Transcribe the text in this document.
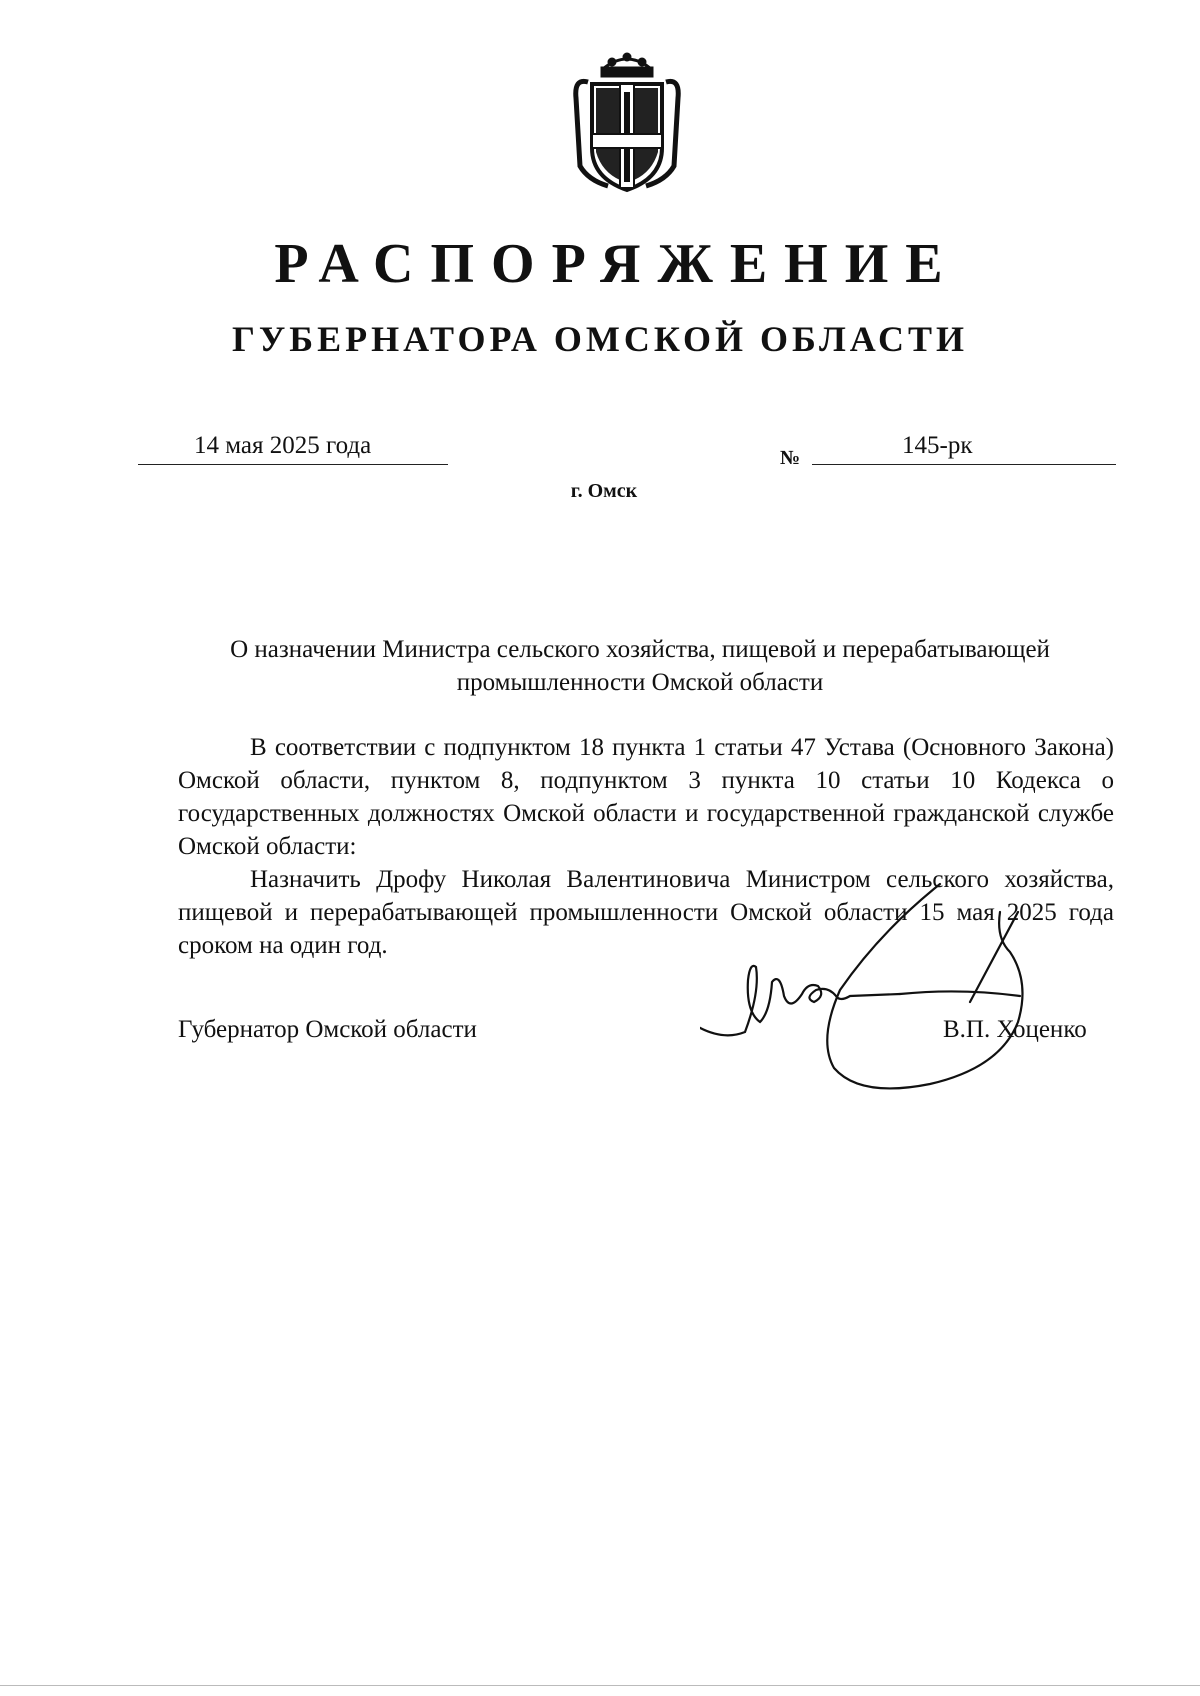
РАСПОРЯЖЕНИЕ
ГУБЕРНАТОРА ОМСКОЙ ОБЛАСТИ
14 мая 2025 года	№	145-рк
г. Омск
О назначении Министра сельского хозяйства, пищевой и перерабатывающей
промышленности Омской области

В соответствии с подпунктом 18 пункта 1 статьи 47 Устава (Основного Закона) Омской области, пунктом 8, подпунктом 3 пункта 10 статьи 10 Кодекса о государственных должностях Омской области и государственной гражданской службе Омской области:

Назначить Дрофу Николая Валентиновича Министром сельского хозяйства, пищевой и перерабатывающей промышленности Омской области 15 мая 2025 года сроком на один год.

Губернатор Омской области	В.П. Хоценко
